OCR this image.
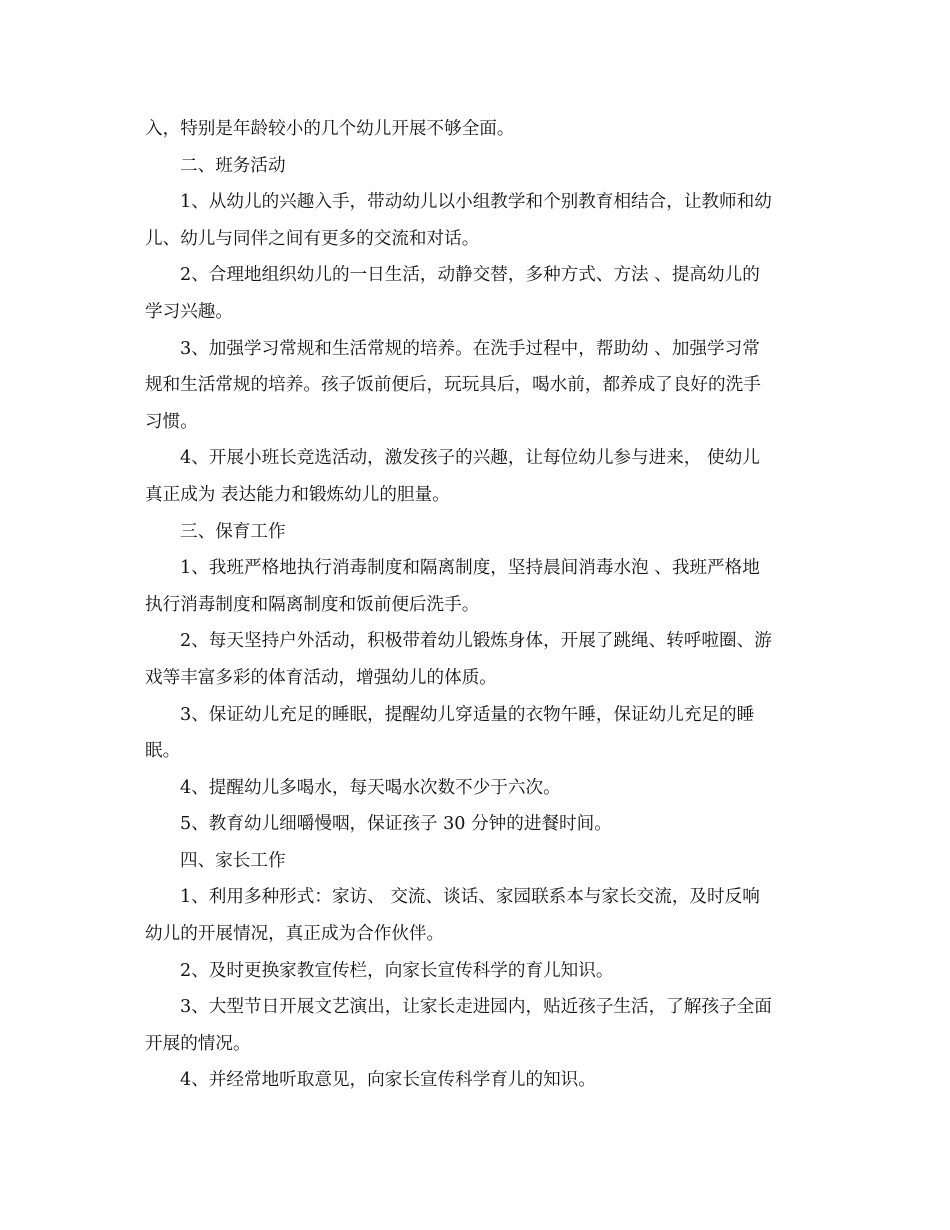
入，特别是年龄较小的几个幼儿开展不够全面。
二、班务活动
1、从幼儿的兴趣入手，带动幼儿以小组教学和个别教育相结合，让教师和幼
儿、幼儿与同伴之间有更多的交流和对话。
2、合理地组织幼儿的一日生活，动静交替，多种方式、方法 、提高幼儿的
学习兴趣。
3、加强学习常规和生活常规的培养。在洗手过程中，帮助幼 、加强学习常
规和生活常规的培养。孩子饭前便后，玩玩具后，喝水前，都养成了良好的洗手
习惯。
4、开展小班长竞选活动，激发孩子的兴趣，让每位幼儿参与进来， 使幼儿
真正成为 表达能力和锻炼幼儿的胆量。
三、保育工作
1、我班严格地执行消毒制度和隔离制度，坚持晨间消毒水泡 、我班严格地
执行消毒制度和隔离制度和饭前便后洗手。
2、每天坚持户外活动，积极带着幼儿锻炼身体，开展了跳绳、转呼啦圈、游
戏等丰富多彩的体育活动，增强幼儿的体质。
3、保证幼儿充足的睡眠，提醒幼儿穿适量的衣物午睡，保证幼儿充足的睡
眠。
4、提醒幼儿多喝水，每天喝水次数不少于六次。
5、教育幼儿细嚼慢咽，保证孩子 30 分钟的进餐时间。
四、家长工作
1、利用多种形式：家访、 交流、谈话、家园联系本与家长交流，及时反响
幼儿的开展情况，真正成为合作伙伴。
2、及时更换家教宣传栏，向家长宣传科学的育儿知识。
3、大型节日开展文艺演出，让家长走进园内，贴近孩子生活，了解孩子全面
开展的情况。
4、并经常地听取意见，向家长宣传科学育儿的知识。
